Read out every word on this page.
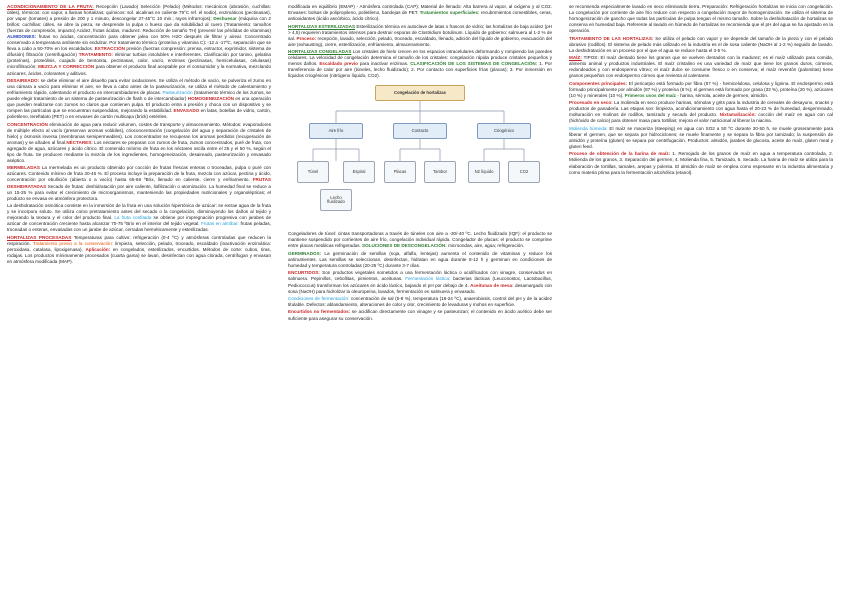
ACONDICIONAMIENTO DE LA FRUTA: Recepción (Lavado) Selección (Pelado) (Métodos: mecánicos (abrasión, cuchillas: útiles), térmicos: con vapor, a llamas hortalizas; químicos: sol. alcalinas en caliente 79°C ref. el sodio), enzimáticos (pectinasas), por vapor (tomates) a presión de 200 y 1 minuto, descongelar 37-45°C 10 min.; rayos infrarrojos); Deshuesar (máquina con 2 brillos: cuchillas: útiles, se abre la pieza, se desprende la pulpa o hueso que da solubilidad al cuero (Tratamiento: tamaños (fuerzas de compresión, impacto) Acidez, frutas ácidas, madurez. Reducción de tamaño TH) (prevenir las pérdidas de vitaminas) ALMIDONES: frutas no ácidas, concentración para obtener jalea con 50% H2O después de filtrar y airear. Concentrado conservado a temperatura ambiente sin endulzar. Por tratamiento térmico (proteína y vitamina C): -12 a -17ºC, separación que se lleva a cabo a 50-70% en los escaldados. EXTRACCIÓN presión (fuerzas compresión: prensa, extractor, exprimidor, sistema de difusión) filtración (centrifugación) TRATAMIENTO: eliminar turbios insolubles e interferentes. Clarificación por tanino, gelatina (proteínas), proteólisis, cuajado de bentonita, pectinasas, calor, vacío, enzimas (pectinasas, hemicelulasas, celulasas) microfiltración; MEZCLA Y CORRECCIÓN para obtener el producto final aceptable por el consumidor y la normativa, mezclando azúcares, ácidos, colorantes y aditivos.

DESAIREADO: se debe eliminar el aire disuelto para evitar oxidaciones. Se utiliza el método de vacío, se pulveriza el zumo en una cámara a vacío para eliminar el aire, se lleva a cabo antes de la pasteurización, se utiliza el método de calentamiento y enfriamiento rápido, calentando el producto en intercambiadores de placas. Pasteurización (tratamiento térmico de los zumos, se puede elegir tratamiento de un sistema de pasteurización de flash o de intercambiador) HOMOGENEIZACIÓN es una operación que pueden realizarse con zumos no claros que contienen pulpa. El producto entra a presión y choca con un dispositivo y se rompen las partículas que se encuentran suspendidas, mejorando la estabilidad. ENVASADO en latas, botellas de vidrio, cartón, polietileno, tereftalato (PET) o en envases de cartón multicapa (brick) estériles.

CONCENTRACIÓN eliminación de agua para reducir volumen, costes de transporte y almacenamiento. Métodos: evaporadores de múltiple efecto al vacío (preservan aromas volátiles), crioconcentración (congelación del agua y separación de cristales de hielo) y ósmosis inversa (membranas semipermeables). Los concentrados se recuperan los aromas perdidos (recuperación de aromas) y se añaden al final.NÉCTARES: Los néctares se preparan con zumos de fruta, zumos concentrados, puré de fruta, con agregado de agua, azúcares y ácido cítrico. El contenido mínimo de fruta en los néctares oscila entre el 25 y el 50 %, según el tipo de fruta. Se producen mediante la mezcla de los ingredientes, homogeneización, desaireado, pasteurización y envasado aséptico.

MERMELADAS La mermelada es un producto obtenido por cocción de frutas frescas enteras o troceadas, pulpa o puré con azúcares. Contenido mínimo de fruta 30-45 %. El proceso incluye la preparación de la fruta, mezcla con azúcar, pectina y ácido, concentración por ebullición (abierta o a vacío) hasta 65-68 ºBrix, llenado en caliente, cierre y enfriamiento. FRUTAS DESHIDRATADAS Secado de frutas: deshidratación por aire caliente, liofilización o atomización. La humedad final se reduce a un 15-25 % para evitar el crecimiento de microorganismos, manteniendo las propiedades nutricionales y organolépticas; el producto se envasa en atmósfera protectora.

La deshidratación osmótica consiste en la inmersión de la fruta en una solución hipertónica de azúcar: se extrae agua de la fruta y se incorpora soluto. Se utiliza como pretratamiento antes del secado o la congelación, disminuyendo los daños al tejido y mejorando la textura y el color del producto final. La fruta confitada se obtiene por impregnación progresiva con jarabes de azúcar de concentración creciente hasta alcanzar 70-75 ºBrix en el interior del tejido vegetal. Frutas en almíbar: frutas peladas, troceadas o enteras, envasadas con un jarabe de azúcar, cerradas herméticamente y esterilizadas.

HORTALIZAS PROCESADAS Temperaturas para cultivo: refrigeración (0-4 ºC) y atmósferas controladas que reducen la respiración. Tratamiento previo a la conservación: limpieza, selección, pelado, troceado, escaldado (inactivación enzimática: peroxidasa, catalasa, lipoxigenasa). Aplicación: en congelados, esterilizados, encurtidos. Métodos de corte: cubos, tiras, rodajas. Los productos mínimamente procesados (cuarta gama) se lavan, desinfectan con agua clorada, centrifugan y envasan en atmósfera modificada (MAP).

modificada en equilibrio (EMAP) - Atmósfera controlada (CAP); Material de llenado: Alta barrera al vapor, al oxígeno y al CO2. Envases: bolsas de polipropileno, polietileno, bandejas de PET. Tratamientos superficiales: recubrimientos comestibles, ceras, antioxidantes (ácido ascórbico, ácido cítrico).

HORTALIZAS ESTERILIZADAS Esterilización térmica en autoclave de latas o frascos de vidrio; las hortalizas de baja acidez (pH > 4,5) requieren tratamientos intensos para destruir esporas de Clostridium botulinum. Líquido de gobierno: salmuera al 1-2 % de sal. Proceso: recepción, lavado, selección, pelado, troceado, escaldado, llenado, adición del líquido de gobierno, evacuación del aire (exhausting), cierre, esterilización, enfriamiento, almacenamiento.

HORTALIZAS CONGELADAS Los cristales de hielo crecen en los espacios intracelulares deformando y rompiendo las paredes celulares. La velocidad de congelación determina el tamaño de los cristales: congelación rápida produce cristales pequeños y menos daños. Escaldado previo para inactivar enzimas. CLASIFICACIÓN DE LOS SISTEMAS DE CONGELACIÓN: 1. Por transferencia de calor por aire (túneles, lecho fluidizado); 2. Por contacto con superficies frías (placas); 3. Por inmersión en líquidos criogénicos (nitrógeno líquido, CO2).

Congelación de hortalizas
Aire frío	Contacto	Criogénico
Túnel
Lecho fluidizado
Espiral	Placas	Tambor	N2 líquido	CO2

Congeladores de túnel: cintas transportadoras a través de túneles con aire a -30/-40 ºC. Lecho fluidizado (IQF): el producto se mantiene suspendido por corrientes de aire frío, congelación individual rápida. Congelador de placas: el producto se comprime entre placas metálicas refrigeradas. SOLUCIONES DE DESCONGELACIÓN: microondas, aire, agua; refrigeración.

GERMINADOS: La germinación de semillas (soja, alfalfa, lentejas) aumenta el contenido de vitaminas y reduce los antinutrientes. Las semillas se seleccionan, desinfectan, hidratan en agua durante 8-12 h y germinan en condiciones de humedad y temperatura controladas (20-25 ºC) durante 3-7 días.

ENCURTIDOS: Son productos vegetales sometidos a una fermentación láctica o acidificados con vinagre, conservados en salmuera. Pepinillos, cebollitas, pimientos, aceitunas. Fermentación láctica: bacterias lácticas (Leuconostoc, Lactobacillus, Pediococcus) transforman los azúcares en ácido láctico, bajando el pH por debajo de 4. Aceitunas de mesa: desamargado con sosa (NaOH) para hidrolizar la oleuropeína, lavados, fermentación en salmuera y envasado.

Condiciones de fermentación: concentración de sal (5-8 %), temperatura (18-24 ºC), anaerobiosis, control del pH y de la acidez titulable. Defectos: ablandamiento, alteraciones de color y olor, crecimiento de levaduras y mohos en superficie.

Encurtidos no fermentados: se acidifican directamente con vinagre y se pasteurizan; el contenido en ácido acético debe ser suficiente para asegurar su conservación.

se recomienda especialmente lavado en seco eliminando tierra. Preparación: Refrigeración hortalizas se inicia con congelación. La congelación por corriente de aire frío reduce con respecto a congelación mayor de homogenización. Se utiliza el sistema de hornogenización de gancho que todas las partículas de pulpa tengan el mismo tamaño. Sobre la deshidratación de hortalizas se conserva en humedad baja. Referente al lavado en húmedo de hortalizas se recomienda que el pH del agua se ha ajustado en la operación.

TRATAMIENTO DE LAS HORTALIZAS: Se utiliza el pelado con vapor y se depende del tamaño de la pieza y con el pelado abrasivo (rodillos). El sistema de pelado más utilizado en la industria es el de sosa caliente (NaOH al 1-2 %) seguido de lavado. La deshidratación es un proceso por el que el agua se reduce hasta el 3-5 %.

MAÍZ: TIPOS: El maíz dentado tiene los granos que se vuelven dentados con la madurez; es el maíz utilizado para comida, alimento animal y productos industriales. El maíz cristalino es una variedad de maíz que tiene los granos duros, córneos, redondeados y con endospermo vítreo; el maíz dulce se consume fresco o en conserva; el maíz reventón (palomitas) tiene granos pequeños con endospermo córneo que revienta al calentarse.

Componentes principales: El pericarpio está formado por fibra (87 %) - hemicelulosa, celulosa y lignina. El endospermo está formado principalmente por almidón (87 %) y proteína (8 %); el germen está formado por grasa (33 %), proteína (20 %), azúcares (10 %) y minerales (10 %). Primeros usos del maíz - harina, sémola, aceite de germen, almidón.

Procesado en seco: La molienda en seco produce harinas, sémolas y grits para la industria de cereales de desayuno, snacks y productos de panadería. Las etapas son: limpieza, acondicionamiento con agua hasta el 20-22 % de humedad, desgerminado, molturación en molinos de rodillos, tamizado y secado del producto. Nixtamalización: cocción del maíz en agua con cal (hidróxido de calcio) para obtener masa para tortillas; mejora el valor nutricional al liberar la niacina.

Molienda húmeda: El maíz se maceriza (steeping) en agua con SO2 a 50 ºC durante 30-50 h, se muele groseramente para liberar el germen, que se separa por hidrociclones; se muele finamente y se separa la fibra por tamizado; la suspensión de almidón y proteína (gluten) se separa por centrifugación. Productos: almidón, jarabes de glucosa, aceite de maíz, gluten meal y gluten feed.

Proceso de obtención de la harina de maíz: 1. Remojado de los granos de maíz en agua a temperatura controlada, 2. Molienda de los granos, 3. Separación del germen, 4. Molienda fina, 5. Tamizado, 6. Secado. La harina de maíz se utiliza para la elaboración de tortillas, tamales, arepas y polenta. El almidón de maíz se emplea como espesante en la industria alimentaria y como materia prima para la fermentación alcohólica (etanol).
